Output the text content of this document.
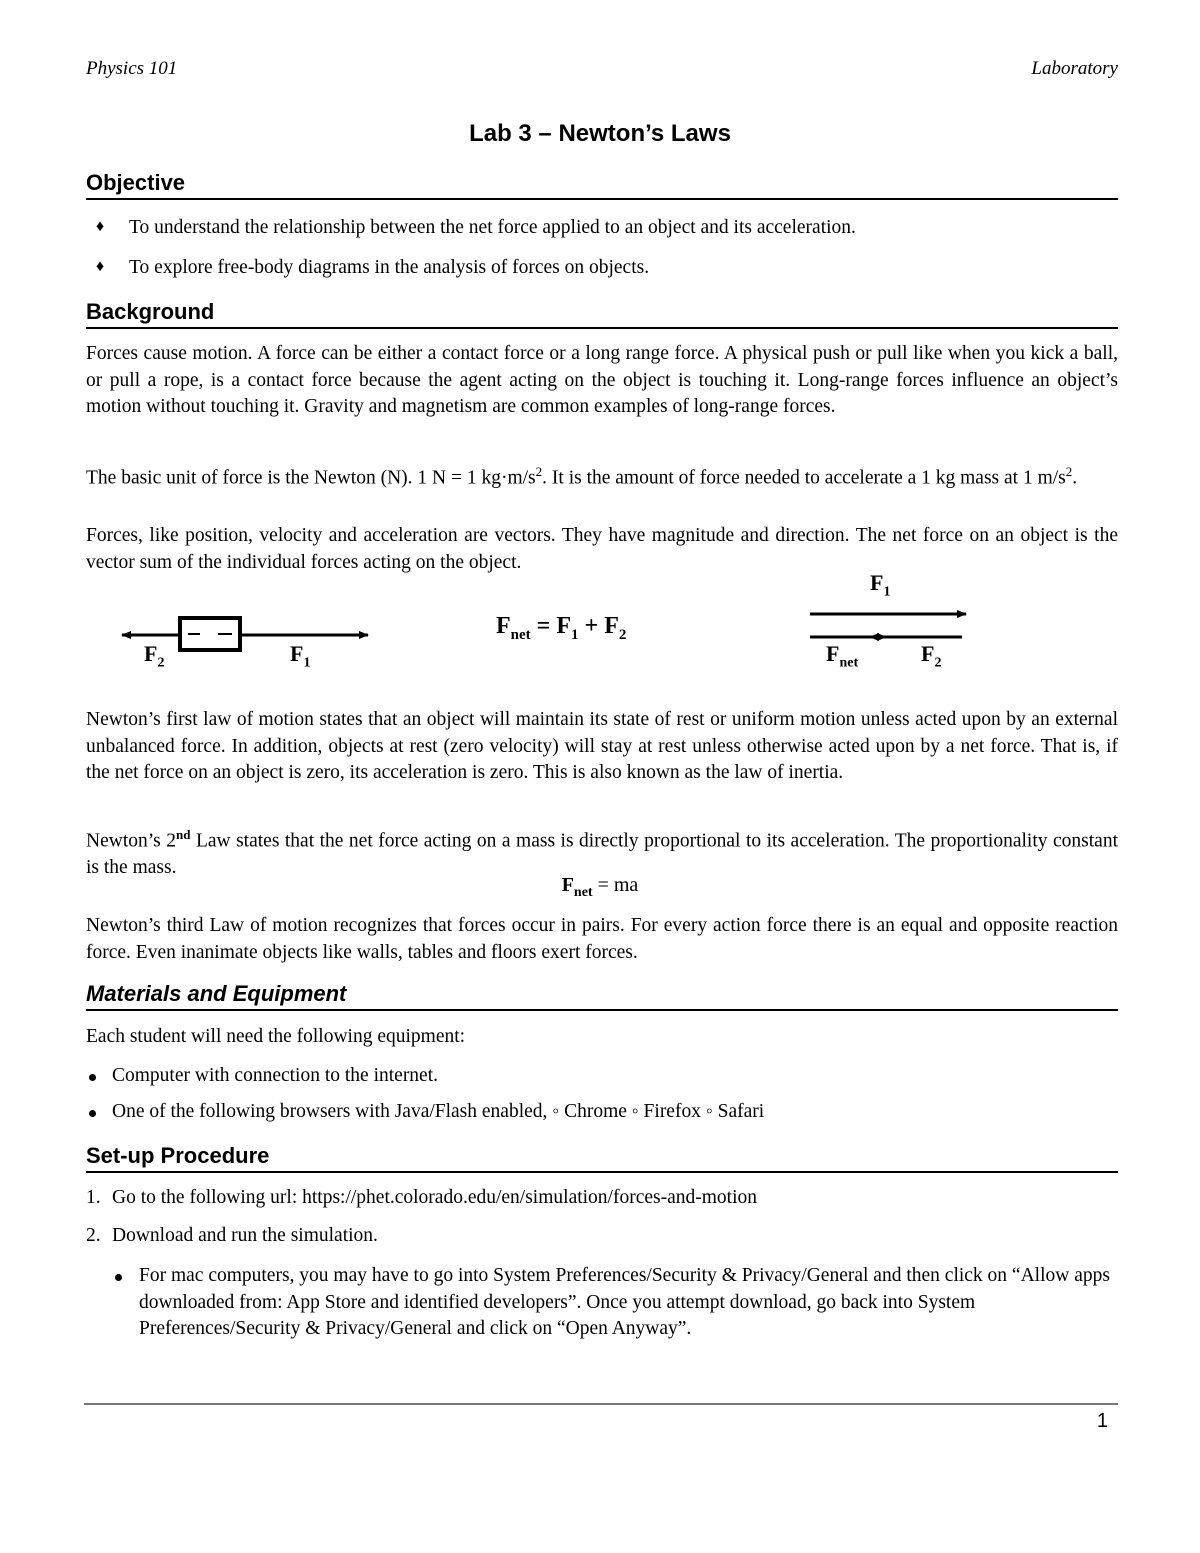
Physics 101	Laboratory
Lab 3 – Newton’s Laws
Objective
♦ To understand the relationship between the net force applied to an object and its acceleration.
♦ To explore free-body diagrams in the analysis of forces on objects.
Background
Forces cause motion. A force can be either a contact force or a long range force. A physical push or pull like when you kick a ball, or pull a rope, is a contact force because the agent acting on the object is touching it. Long-range forces influence an object’s motion without touching it. Gravity and magnetism are common examples of long-range forces.
The basic unit of force is the Newton (N). 1 N = 1 $kg\cdot m/s^2$. It is the amount of force needed to accelerate a 1 kg mass at 1 $m/s^2$.
Forces, like position, velocity and acceleration are vectors. They have magnitude and direction. The net force on an object is the vector sum of the individual forces acting on the object.
$F_2$	$F_1$
$F_{net} = F_1 + F_2$
$F_1$
$F_{net}$	$F_2$
Newton’s first law of motion states that an object will maintain its state of rest or uniform motion unless acted upon by an external unbalanced force. In addition, objects at rest (zero velocity) will stay at rest unless otherwise acted upon by a net force. That is, if the net force on an object is zero, its acceleration is zero. This is also known as the law of inertia.
Newton’s 2nd Law states that the net force acting on a mass is directly proportional to its acceleration. The proportionality constant is the mass.
$F_{net}$ = ma
Newton’s third Law of motion recognizes that forces occur in pairs. For every action force there is an equal and opposite reaction force. Even inanimate objects like walls, tables and floors exert forces.
Materials and Equipment
Each student will need the following equipment:
Computer with connection to the internet.
One of the following browsers with Java/Flash enabled, ◦ Chrome ◦ Firefox ◦ Safari
Set-up Procedure
1. Go to the following url: https://phet.colorado.edu/en/simulation/forces-and-motion
2. Download and run the simulation.
For mac computers, you may have to go into System Preferences/Security & Privacy/General and then click on “Allow apps downloaded from: App Store and identified developers”. Once you attempt download, go back into System Preferences/Security & Privacy/General and click on “Open Anyway”.
1
